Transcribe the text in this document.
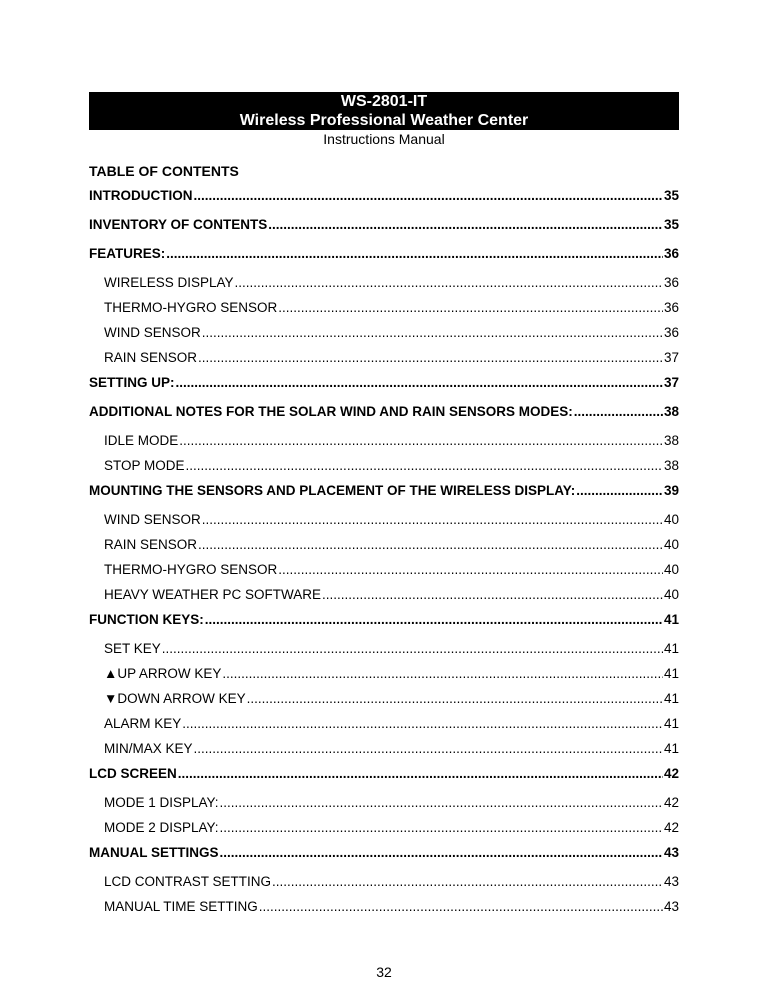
WS-2801-IT
Wireless Professional Weather Center
Instructions Manual
TABLE OF CONTENTS
INTRODUCTION .....	35
INVENTORY OF CONTENTS .....	35
FEATURES: .....	36
WIRELESS DISPLAY .....	36
THERMO-HYGRO SENSOR .....	36
WIND SENSOR .....	36
RAIN SENSOR .....	37
SETTING UP: .....	37
ADDITIONAL NOTES FOR THE SOLAR WIND AND RAIN SENSORS MODES: .....	38
IDLE MODE .....	38
STOP MODE .....	38
MOUNTING THE SENSORS AND PLACEMENT OF THE WIRELESS DISPLAY: .....	39
WIND SENSOR .....	40
RAIN SENSOR .....	40
THERMO-HYGRO SENSOR .....	40
HEAVY WEATHER PC SOFTWARE .....	40
FUNCTION KEYS: .....	41
SET KEY .....	41
▲UP ARROW KEY .....	41
▼DOWN ARROW KEY .....	41
ALARM KEY .....	41
MIN/MAX KEY .....	41
LCD SCREEN .....	42
MODE 1 DISPLAY: .....	42
MODE 2 DISPLAY: .....	42
MANUAL SETTINGS .....	43
LCD CONTRAST SETTING .....	43
MANUAL TIME SETTING .....	43
32
